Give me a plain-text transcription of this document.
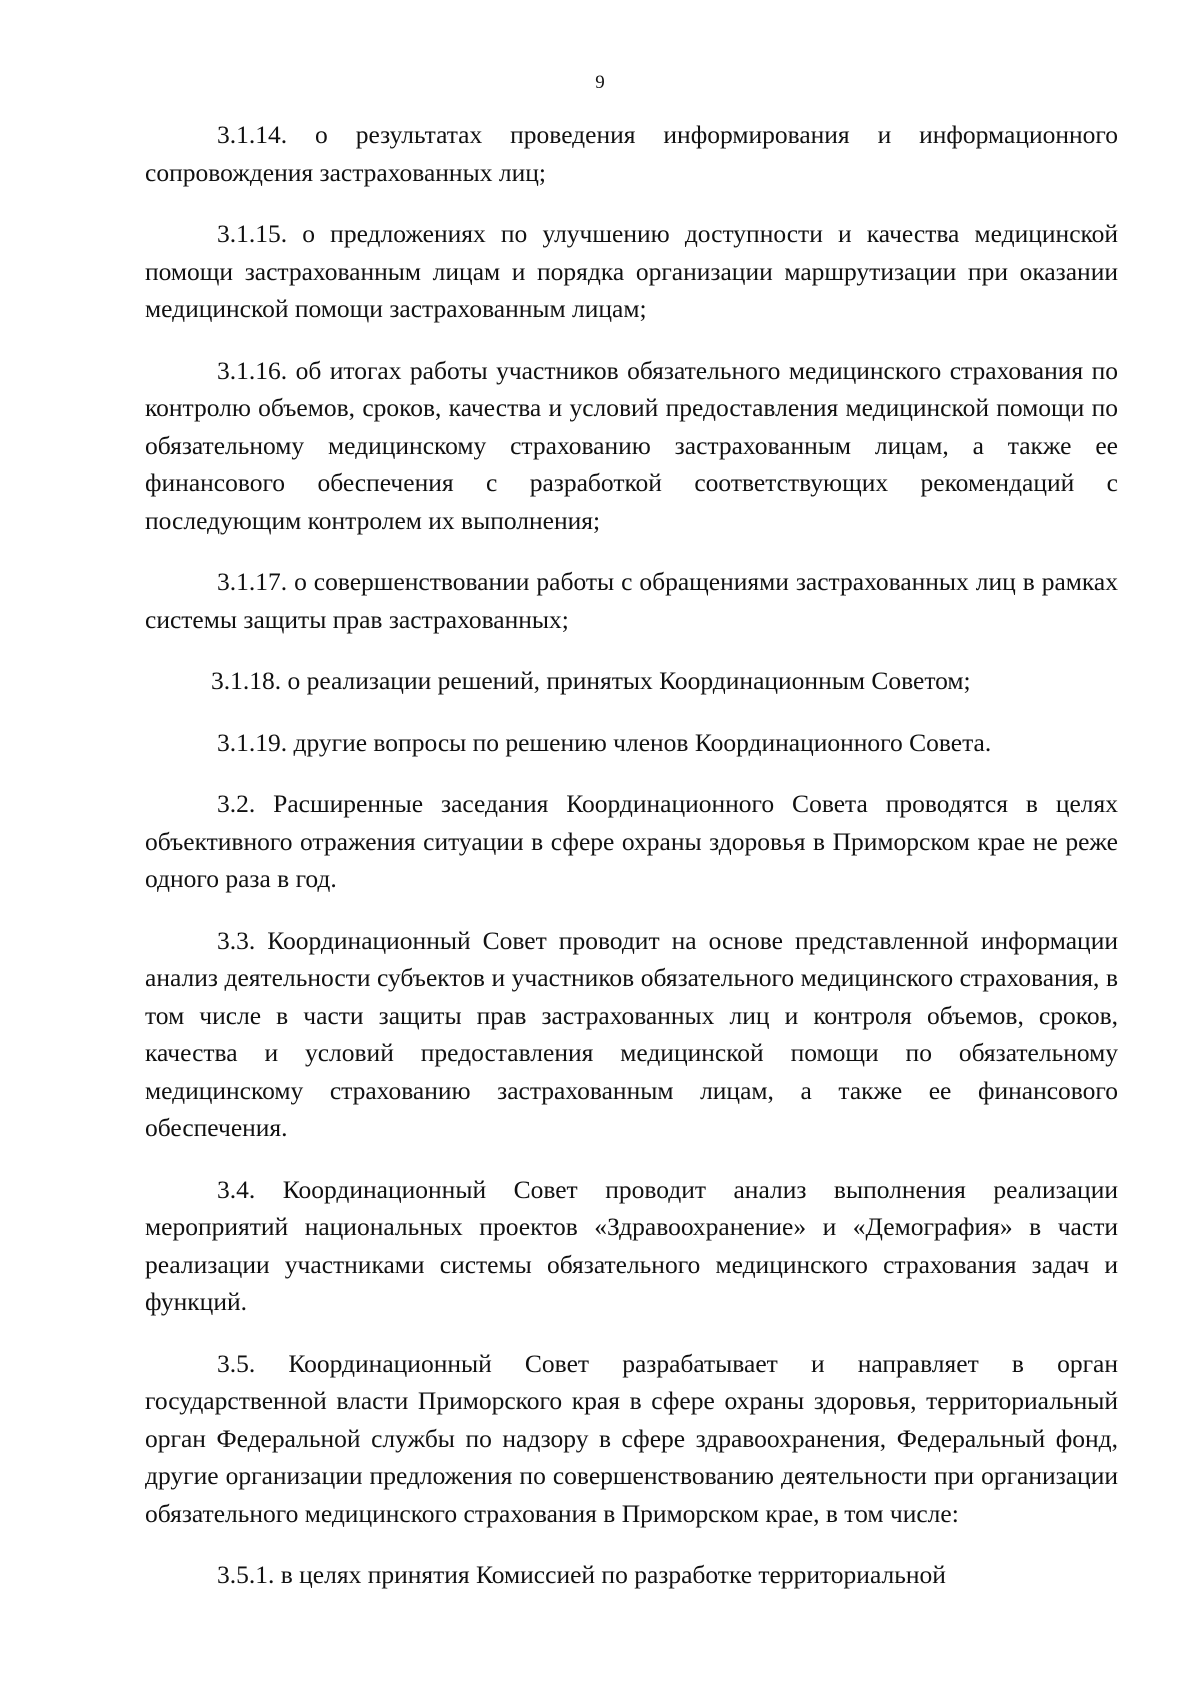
9

3.1.14. о результатах проведения информирования и информационного сопровождения застрахованных лиц;

3.1.15. о предложениях по улучшению доступности и качества медицинской помощи застрахованным лицам и порядка организации маршрутизации при оказании медицинской помощи застрахованным лицам;

3.1.16. об итогах работы участников обязательного медицинского страхования по контролю объемов, сроков, качества и условий предоставления медицинской помощи по обязательному медицинскому страхованию застрахованным лицам, а также ее финансового обеспечения с разработкой соответствующих рекомендаций с последующим контролем их выполнения;

3.1.17. о совершенствовании работы с обращениями застрахованных лиц в рамках системы защиты прав застрахованных;

3.1.18. о реализации решений, принятых Координационным Советом;

3.1.19. другие вопросы по решению членов Координационного Совета.

3.2. Расширенные заседания Координационного Совета проводятся в целях объективного отражения ситуации в сфере охраны здоровья в Приморском крае не реже одного раза в год.

3.3. Координационный Совет проводит на основе представленной информации анализ деятельности субъектов и участников обязательного медицинского страхования, в том числе в части защиты прав застрахованных лиц и контроля объемов, сроков, качества и условий предоставления медицинской помощи по обязательному медицинскому страхованию застрахованным лицам, а также ее финансового обеспечения.

3.4. Координационный Совет проводит анализ выполнения реализации мероприятий национальных проектов «Здравоохранение» и «Демография» в части реализации участниками системы обязательного медицинского страхования задач и функций.

3.5. Координационный Совет разрабатывает и направляет в орган государственной власти Приморского края в сфере охраны здоровья, территориальный орган Федеральной службы по надзору в сфере здравоохранения, Федеральный фонд, другие организации предложения по совершенствованию деятельности при организации обязательного медицинского страхования в Приморском крае, в том числе:

3.5.1. в целях принятия Комиссией по разработке территориальной
